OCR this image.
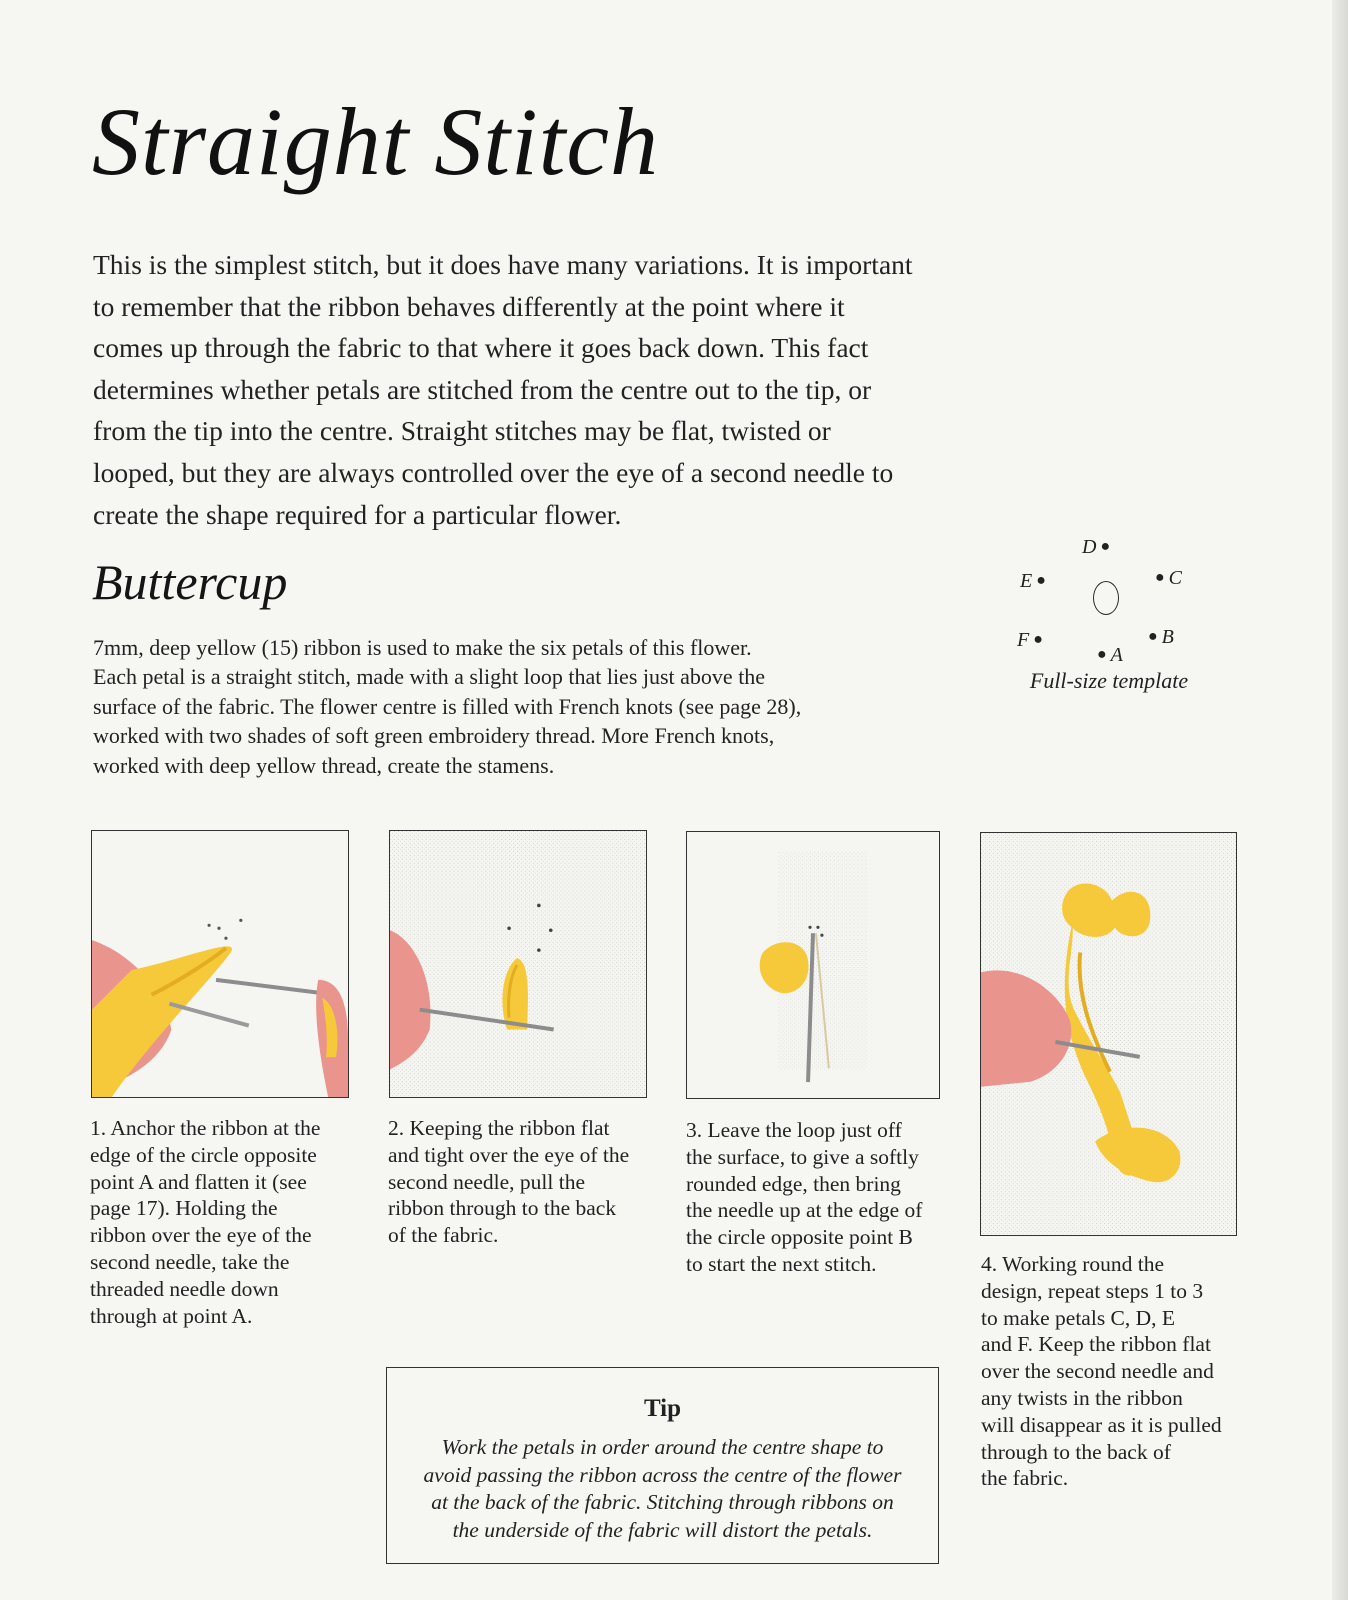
Straight Stitch

This is the simplest stitch, but it does have many variations. It is important
to remember that the ribbon behaves differently at the point where it
comes up through the fabric to that where it goes back down. This fact
determines whether petals are stitched from the centre out to the tip, or
from the tip into the centre. Straight stitches may be flat, twisted or
looped, but they are always controlled over the eye of a second needle to
create the shape required for a particular flower.

Buttercup

7mm, deep yellow (15) ribbon is used to make the six petals of this flower.
Each petal is a straight stitch, made with a slight loop that lies just above the
surface of the fabric. The flower centre is filled with French knots (see page 28),
worked with two shades of soft green embroidery thread. More French knots,
worked with deep yellow thread, create the stamens.

D ●
● C
E ●
F ●	● B
● A
Full-size template

1. Anchor the ribbon at the
edge of the circle opposite
point A and flatten it (see
page 17). Holding the
ribbon over the eye of the
second needle, take the
threaded needle down
through at point A.

2. Keeping the ribbon flat
and tight over the eye of the
second needle, pull the
ribbon through to the back
of the fabric.

3. Leave the loop just off
the surface, to give a softly
rounded edge, then bring
the needle up at the edge of
the circle opposite point B
to start the next stitch.	4. Working round the
design, repeat steps 1 to 3
to make petals C, D, E
and F. Keep the ribbon flat
over the second needle and
any twists in the ribbon
will disappear as it is pulled
through to the back of
the fabric.

Tip

Work the petals in order around the centre shape to
avoid passing the ribbon across the centre of the flower
at the back of the fabric. Stitching through ribbons on
the underside of the fabric will distort the petals.
